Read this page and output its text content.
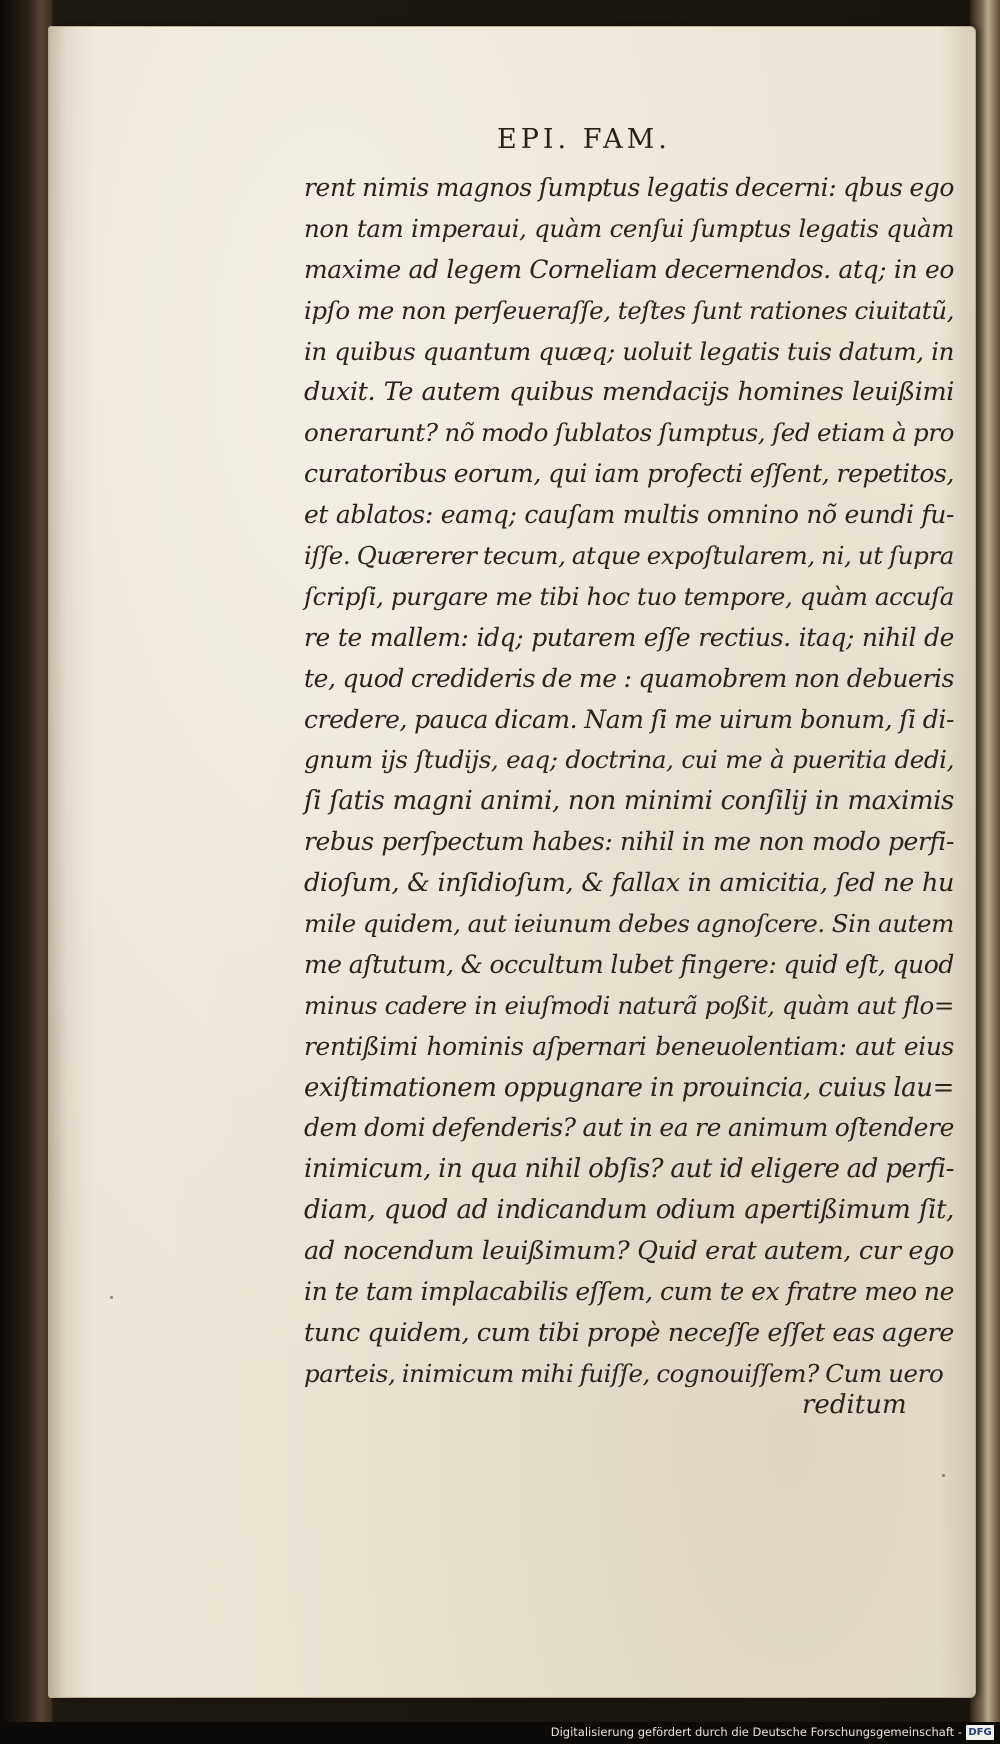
EPI. FAM.
rent nimis magnos ſumptus legatis decerni: qbus ego
non tam imperaui, quàm cenſui ſumptus legatis quàm
maxime ad legem Corneliam decernendos. atq; in eo
ipſo me non perſeueraſſe, teſtes ſunt rationes ciuitatũ,
in quibus quantum quæq; uoluit legatis tuis datum, in
duxit. Te autem quibus mendacijs homines leuißimi
onerarunt? nõ modo ſublatos ſumptus, ſed etiam à pro
curatoribus eorum, qui iam profecti eſſent, repetitos,
et ablatos: eamq; cauſam multis omnino nõ eundi fu-
iſſe. Quærerer tecum, atque expoſtularem, ni, ut ſupra
ſcripſi, purgare me tibi hoc tuo tempore, quàm accuſa
re te mallem: idq; putarem eſſe rectius. itaq; nihil de
te, quod credideris de me : quamobrem non debueris
credere, pauca dicam. Nam ſi me uirum bonum, ſi di-
gnum ijs ſtudijs, eaq; doctrina, cui me à pueritia dedi,
ſi ſatis magni animi, non minimi conſilij in maximis
rebus perſpectum habes: nihil in me non modo perfi-
dioſum, & inſidioſum, & fallax in amicitia, ſed ne hu
mile quidem, aut ieiunum debes agnoſcere. Sin autem
me aſtutum, & occultum lubet fingere: quid eſt, quod
minus cadere in eiuſmodi naturã poßit, quàm aut flo=
rentißimi hominis aſpernari beneuolentiam: aut eius
exiſtimationem oppugnare in prouincia, cuius lau=
dem domi defenderis? aut in ea re animum oſtendere
inimicum, in qua nihil obſis? aut id eligere ad perfi-
diam, quod ad indicandum odium apertißimum ſit,
ad nocendum leuißimum? Quid erat autem, cur ego
in te tam implacabilis eſſem, cum te ex fratre meo ne
tunc quidem, cum tibi propè neceſſe eſſet eas agere
parteis, inimicum mihi fuiſſe, cognouiſſem? Cum uero
reditum
Digitalisierung gefördert durch die Deutsche Forschungsgemeinschaft - DFG
